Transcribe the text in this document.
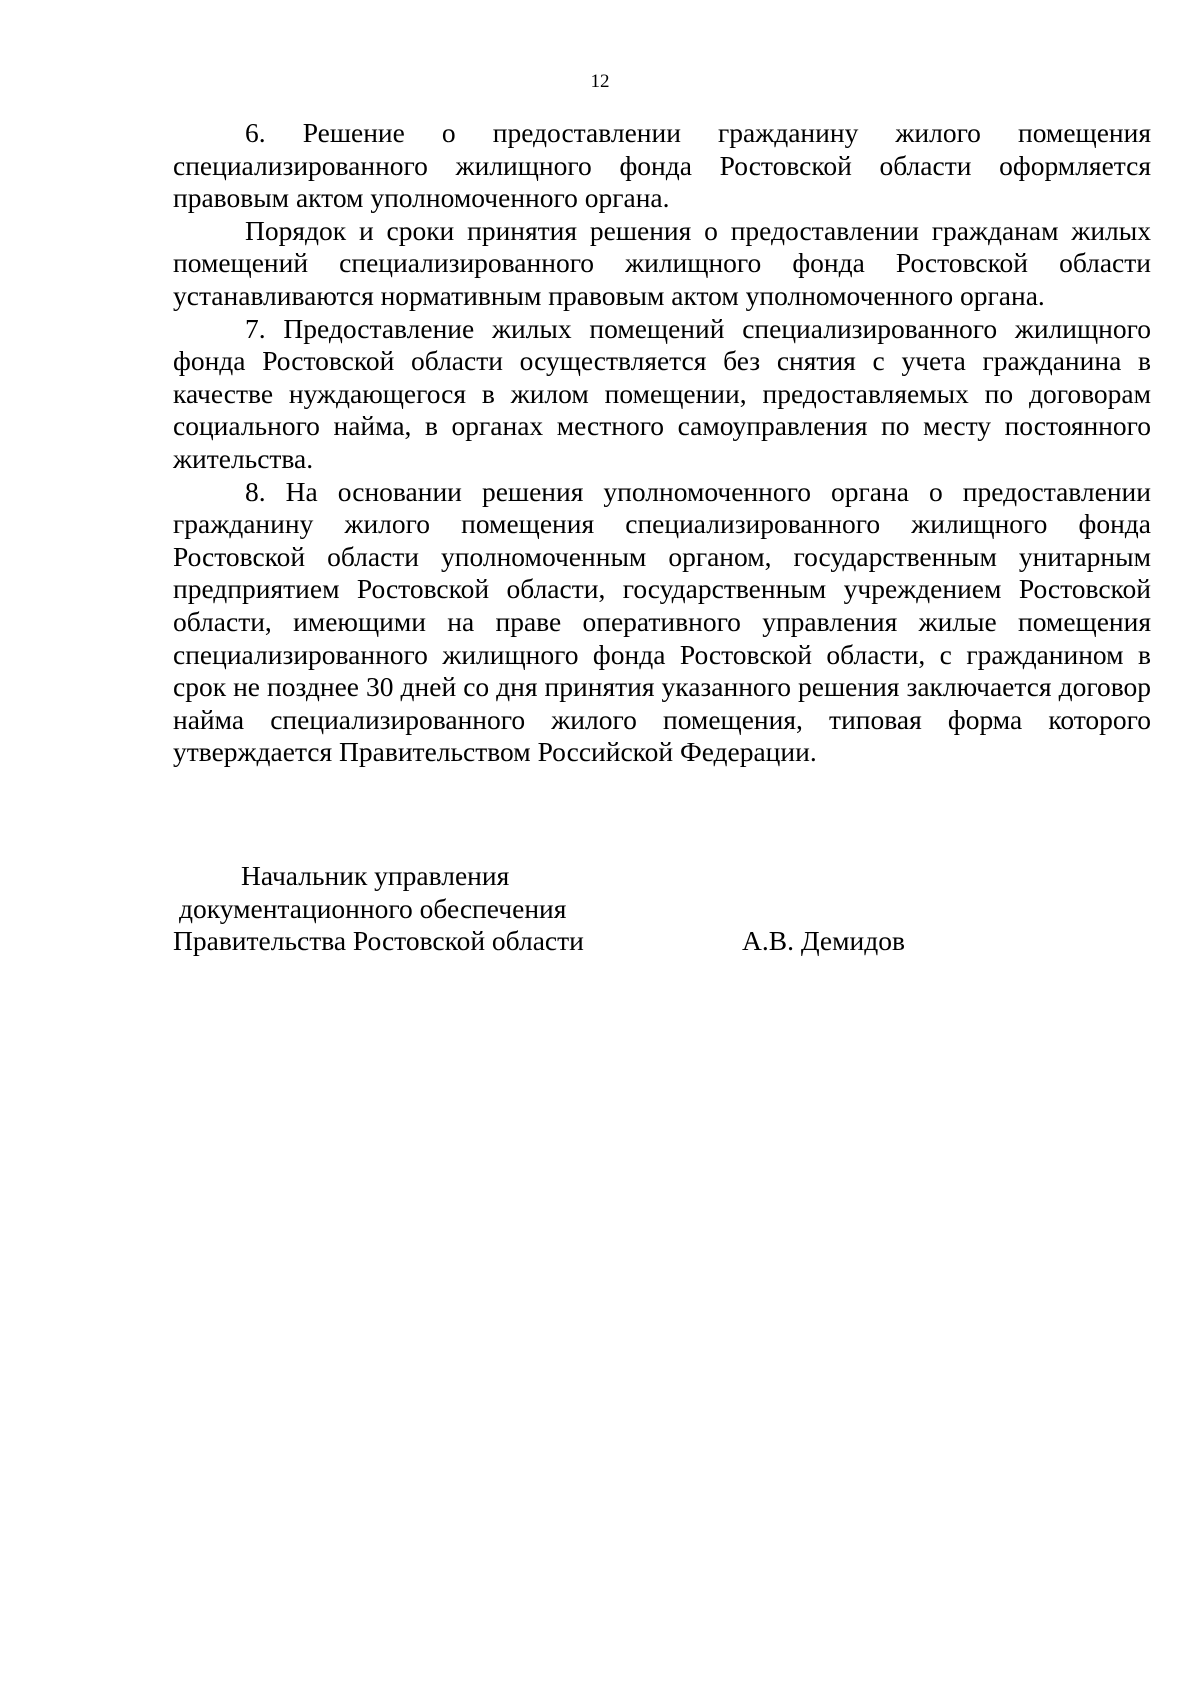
12

6. Решение о предоставлении гражданину жилого помещения специализированного жилищного фонда Ростовской области оформляется правовым актом уполномоченного органа.

Порядок и сроки принятия решения о предоставлении гражданам жилых помещений специализированного жилищного фонда Ростовской области устанавливаются нормативным правовым актом уполномоченного органа.

7. Предоставление жилых помещений специализированного жилищного фонда Ростовской области осуществляется без снятия с учета гражданина в качестве нуждающегося в жилом помещении, предоставляемых по договорам социального найма, в органах местного самоуправления по месту постоянного жительства.

8. На основании решения уполномоченного органа о предоставлении гражданину жилого помещения специализированного жилищного фонда Ростовской области уполномоченным органом, государственным унитарным предприятием Ростовской области, государственным учреждением Ростовской области, имеющими на праве оперативного управления жилые помещения специализированного жилищного фонда Ростовской области, с гражданином в срок не позднее 30 дней со дня принятия указанного решения заключается договор найма специализированного жилого помещения, типовая форма которого утверждается Правительством Российской Федерации.

Начальник управления
документационного обеспечения
Правительства Ростовской области	А.В. Демидов
